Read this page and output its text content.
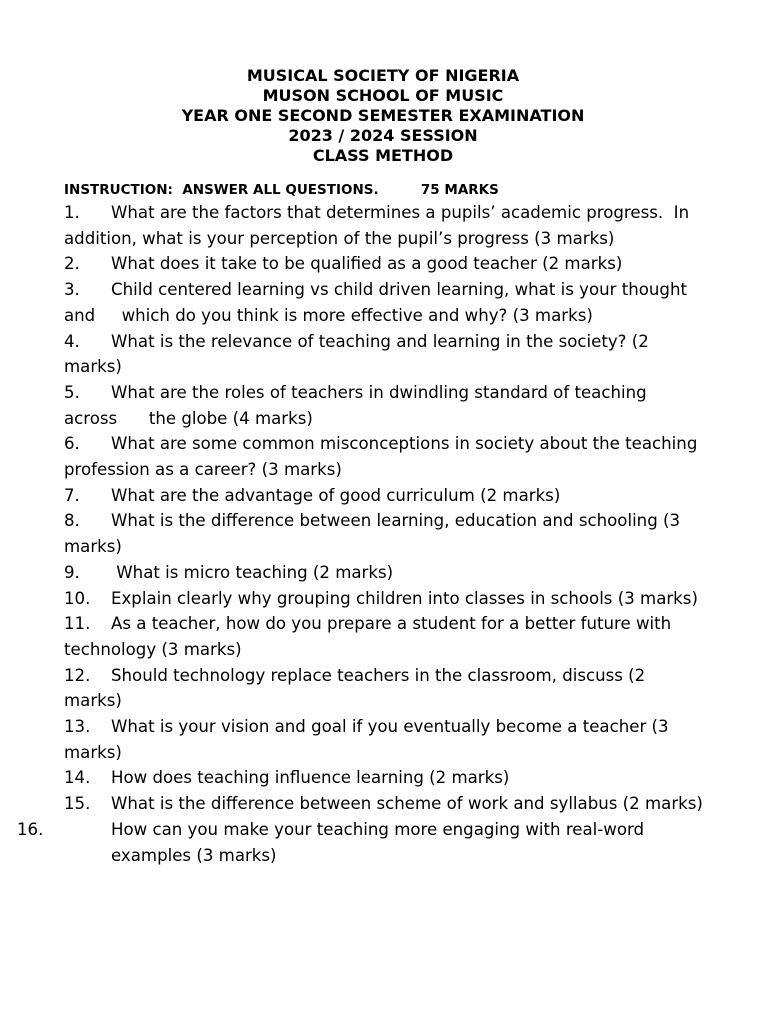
MUSICAL SOCIETY OF NIGERIA
MUSON SCHOOL OF MUSIC
YEAR ONE SECOND SEMESTER EXAMINATION
2023 / 2024 SESSION
CLASS METHOD
INSTRUCTION:  ANSWER ALL QUESTIONS.         75 MARKS

1. What are the factors that determines a pupils’ academic progress.  In     addition, what is your perception of the pupil’s progress (3 marks)

2. What does it take to be qualified as a good teacher (2 marks)

3. Child centered learning vs child driven learning, what is your thought and     which do you think is more effective and why? (3 marks)

4. What is the relevance of teaching and learning in the society? (2 marks)

5. What are the roles of teachers in dwindling standard of teaching across      the globe (4 marks)

6. What are some common misconceptions in society about the teaching   profession as a career? (3 marks)

7. What are the advantage of good curriculum (2 marks)

8. What is the difference between learning, education and schooling (3     marks)

9. What is micro teaching (2 marks)

10. Explain clearly why grouping children into classes in schools (3 marks)

11. As a teacher, how do you prepare a student for a better future with technology (3 marks)

12. Should technology replace teachers in the classroom, discuss (2 marks)

13. What is your vision and goal if you eventually become a teacher (3 marks)

14. How does teaching influence learning (2 marks)

15. What is the difference between scheme of work and syllabus (2 marks)

16.	How can you make your teaching more engaging with real-word examples (3 marks)
